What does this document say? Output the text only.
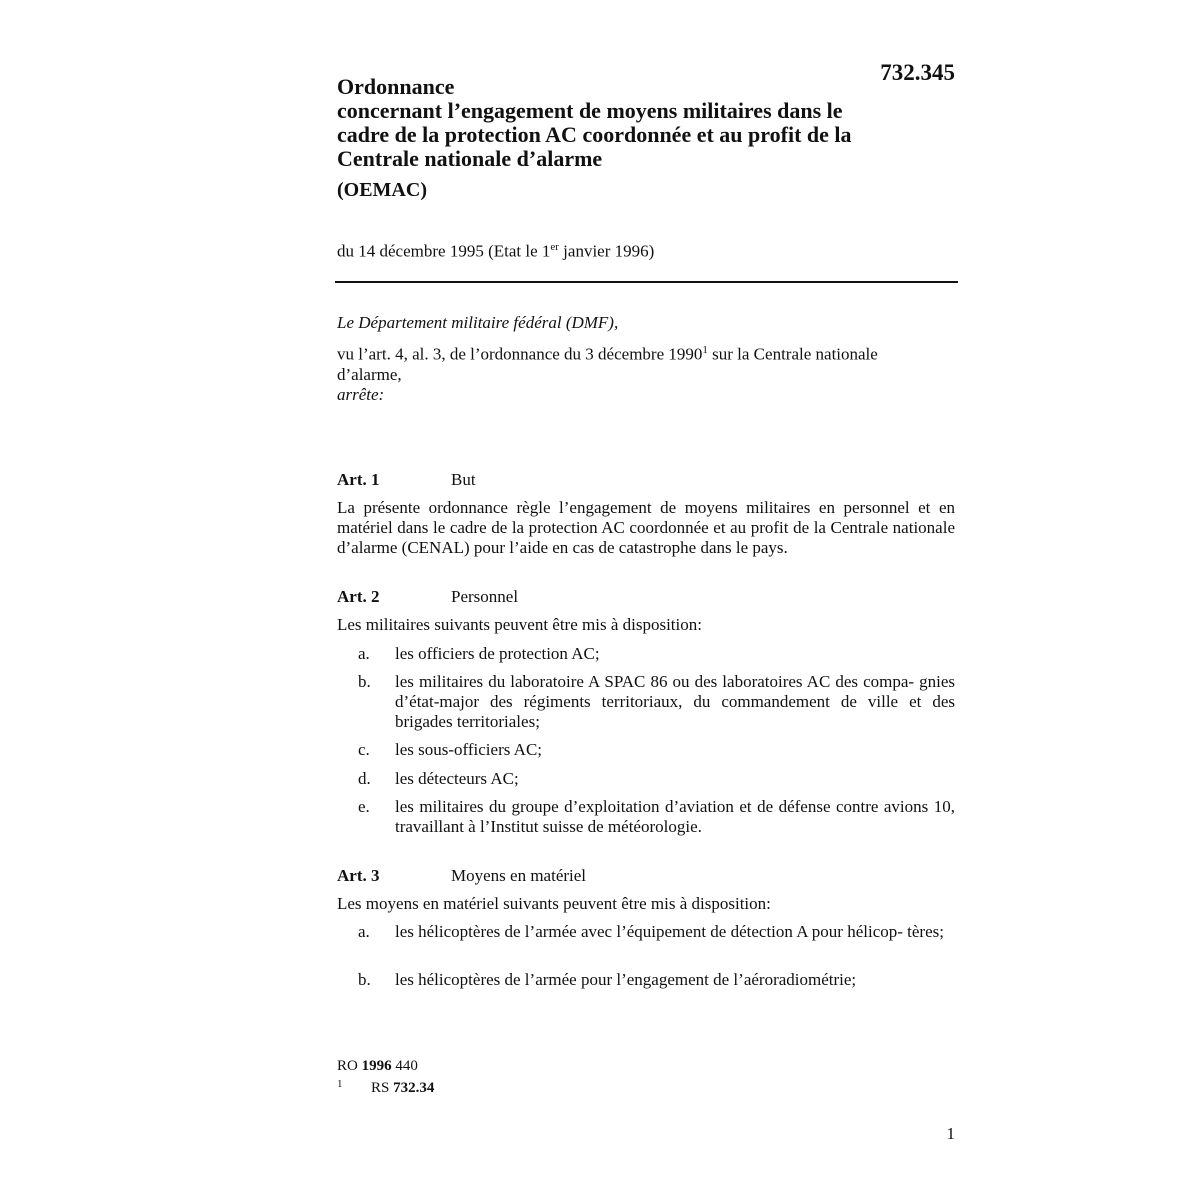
732.345
Ordonnance
concernant l’engagement de moyens militaires dans le
cadre de la protection AC coordonnée et au profit de la
Centrale nationale d’alarme
(OEMAC)
du 14 décembre 1995 (Etat le 1er janvier 1996)
Le Département militaire fédéral (DMF),
vu l’art. 4, al. 3, de l’ordonnance du 3 décembre 1990$^1$ sur la Centrale nationale d’alarme,
arrête:
Art. 1	But
La présente ordonnance règle l’engagement de moyens militaires en personnel et en matériel dans le cadre de la protection AC coordonnée et au profit de la Centrale nationale d’alarme (CENAL) pour l’aide en cas de catastrophe dans le pays.
Art. 2	Personnel
Les militaires suivants peuvent être mis à disposition:
a. les officiers de protection AC;
b. les militaires du laboratoire A SPAC 86 ou des laboratoires AC des compa- gnies d’état-major des régiments territoriaux, du commandement de ville et des brigades territoriales;
c. les sous-officiers AC;
d. les détecteurs AC;
e. les militaires du groupe d’exploitation d’aviation et de défense contre avions 10, travaillant à l’Institut suisse de météorologie.
Art. 3	Moyens en matériel
Les moyens en matériel suivants peuvent être mis à disposition:
a. les hélicoptères de l’armée avec l’équipement de détection A pour hélicop- tères;
b. les hélicoptères de l’armée pour l’engagement de l’aéroradiométrie;
RO 1996 440
1 RS 732.34
1
